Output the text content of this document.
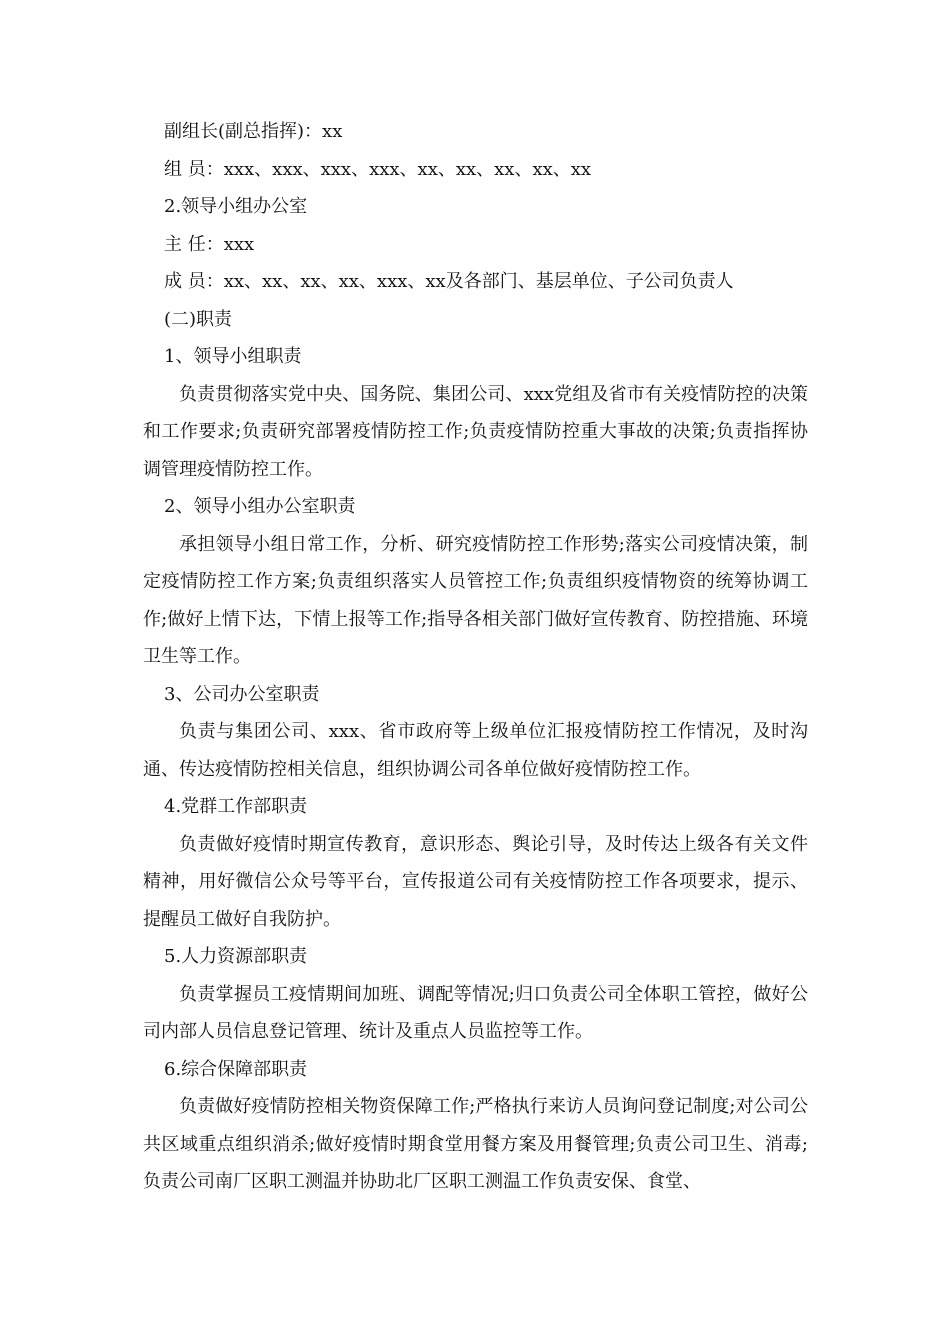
副组长(副总指挥)：xx

组 员：xxx、xxx、xxx、xxx、xx、xx、xx、xx、xx

2.领导小组办公室

主 任：xxx

成 员：xx、xx、xx、xx、xxx、xx及各部门、基层单位、子公司负责人

(二)职责

1、领导小组职责

负责贯彻落实党中央、国务院、集团公司、xxx党组及省市有关疫情防控的决策和工作要求;负责研究部署疫情防控工作;负责疫情防控重大事故的决策;负责指挥协调管理疫情防控工作。

2、领导小组办公室职责

承担领导小组日常工作，分析、研究疫情防控工作形势;落实公司疫情决策，制定疫情防控工作方案;负责组织落实人员管控工作;负责组织疫情物资的统筹协调工作;做好上情下达，下情上报等工作;指导各相关部门做好宣传教育、防控措施、环境卫生等工作。

3、公司办公室职责

负责与集团公司、xxx、省市政府等上级单位汇报疫情防控工作情况，及时沟通、传达疫情防控相关信息，组织协调公司各单位做好疫情防控工作。

4.党群工作部职责

负责做好疫情时期宣传教育，意识形态、舆论引导，及时传达上级各有关文件精神，用好微信公众号等平台，宣传报道公司有关疫情防控工作各项要求，提示、提醒员工做好自我防护。

5.人力资源部职责

负责掌握员工疫情期间加班、调配等情况;归口负责公司全体职工管控，做好公司内部人员信息登记管理、统计及重点人员监控等工作。

6.综合保障部职责

负责做好疫情防控相关物资保障工作;严格执行来访人员询问登记制度;对公司公共区域重点组织消杀;做好疫情时期食堂用餐方案及用餐管理;负责公司卫生、消毒;负责公司南厂区职工测温并协助北厂区职工测温工作负责安保、食堂、
